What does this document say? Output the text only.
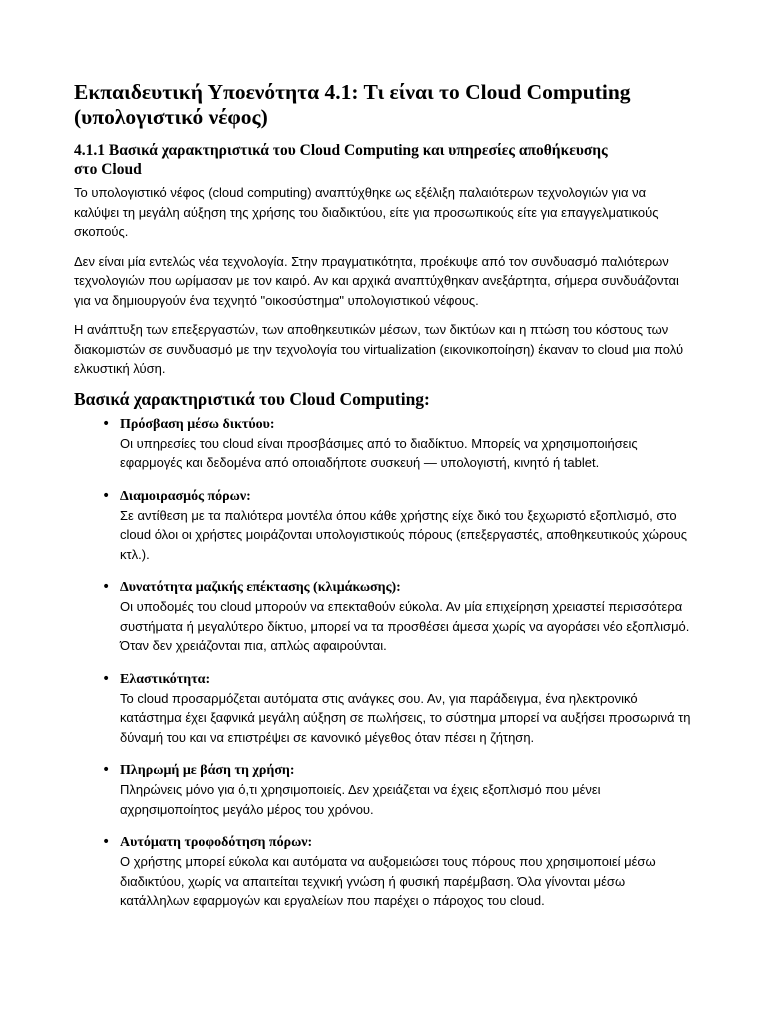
Εκπαιδευτική Υποενότητα 4.1: Τι είναι το Cloud Computing (υπολογιστικό νέφος)
4.1.1 Βασικά χαρακτηριστικά του Cloud Computing και υπηρεσίες αποθήκευσης στο Cloud

Το υπολογιστικό νέφος (cloud computing) αναπτύχθηκε ως εξέλιξη παλαιότερων τεχνολογιών για να καλύψει τη μεγάλη αύξηση της χρήσης του διαδικτύου, είτε για προσωπικούς είτε για επαγγελματικούς σκοπούς.

Δεν είναι μία εντελώς νέα τεχνολογία. Στην πραγματικότητα, προέκυψε από τον συνδυασμό παλιότερων τεχνολογιών που ωρίμασαν με τον καιρό. Αν και αρχικά αναπτύχθηκαν ανεξάρτητα, σήμερα συνδυάζονται για να δημιουργούν ένα τεχνητό "οικοσύστημα" υπολογιστικού νέφους.

Η ανάπτυξη των επεξεργαστών, των αποθηκευτικών μέσων, των δικτύων και η πτώση του κόστους των διακομιστών σε συνδυασμό με την τεχνολογία του virtualization (εικονικοποίηση) έκαναν το cloud μια πολύ ελκυστική λύση.

Βασικά χαρακτηριστικά του Cloud Computing:
• Πρόσβαση μέσω δικτύου:
Οι υπηρεσίες του cloud είναι προσβάσιμες από το διαδίκτυο. Μπορείς να χρησιμοποιήσεις εφαρμογές και δεδομένα από οποιαδήποτε συσκευή — υπολογιστή, κινητό ή tablet.
• Διαμοιρασμός πόρων:
Σε αντίθεση με τα παλιότερα μοντέλα όπου κάθε χρήστης είχε δικό του ξεχωριστό εξοπλισμό, στο cloud όλοι οι χρήστες μοιράζονται υπολογιστικούς πόρους (επεξεργαστές, αποθηκευτικούς χώρους κτλ.).
• Δυνατότητα μαζικής επέκτασης (κλιμάκωσης):
Οι υποδομές του cloud μπορούν να επεκταθούν εύκολα. Αν μία επιχείρηση χρειαστεί περισσότερα συστήματα ή μεγαλύτερο δίκτυο, μπορεί να τα προσθέσει άμεσα χωρίς να αγοράσει νέο εξοπλισμό. Όταν δεν χρειάζονται πια, απλώς αφαιρούνται.
• Ελαστικότητα:
Το cloud προσαρμόζεται αυτόματα στις ανάγκες σου. Αν, για παράδειγμα, ένα ηλεκτρονικό κατάστημα έχει ξαφνικά μεγάλη αύξηση σε πωλήσεις, το σύστημα μπορεί να αυξήσει προσωρινά τη δύναμή του και να επιστρέψει σε κανονικό μέγεθος όταν πέσει η ζήτηση.
• Πληρωμή με βάση τη χρήση:
Πληρώνεις μόνο για ό,τι χρησιμοποιείς. Δεν χρειάζεται να έχεις εξοπλισμό που μένει αχρησιμοποίητος μεγάλο μέρος του χρόνου.
• Αυτόματη τροφοδότηση πόρων:
Ο χρήστης μπορεί εύκολα και αυτόματα να αυξομειώσει τους πόρους που χρησιμοποιεί μέσω διαδικτύου, χωρίς να απαιτείται τεχνική γνώση ή φυσική παρέμβαση. Όλα γίνονται μέσω κατάλληλων εφαρμογών και εργαλείων που παρέχει ο πάροχος του cloud.
